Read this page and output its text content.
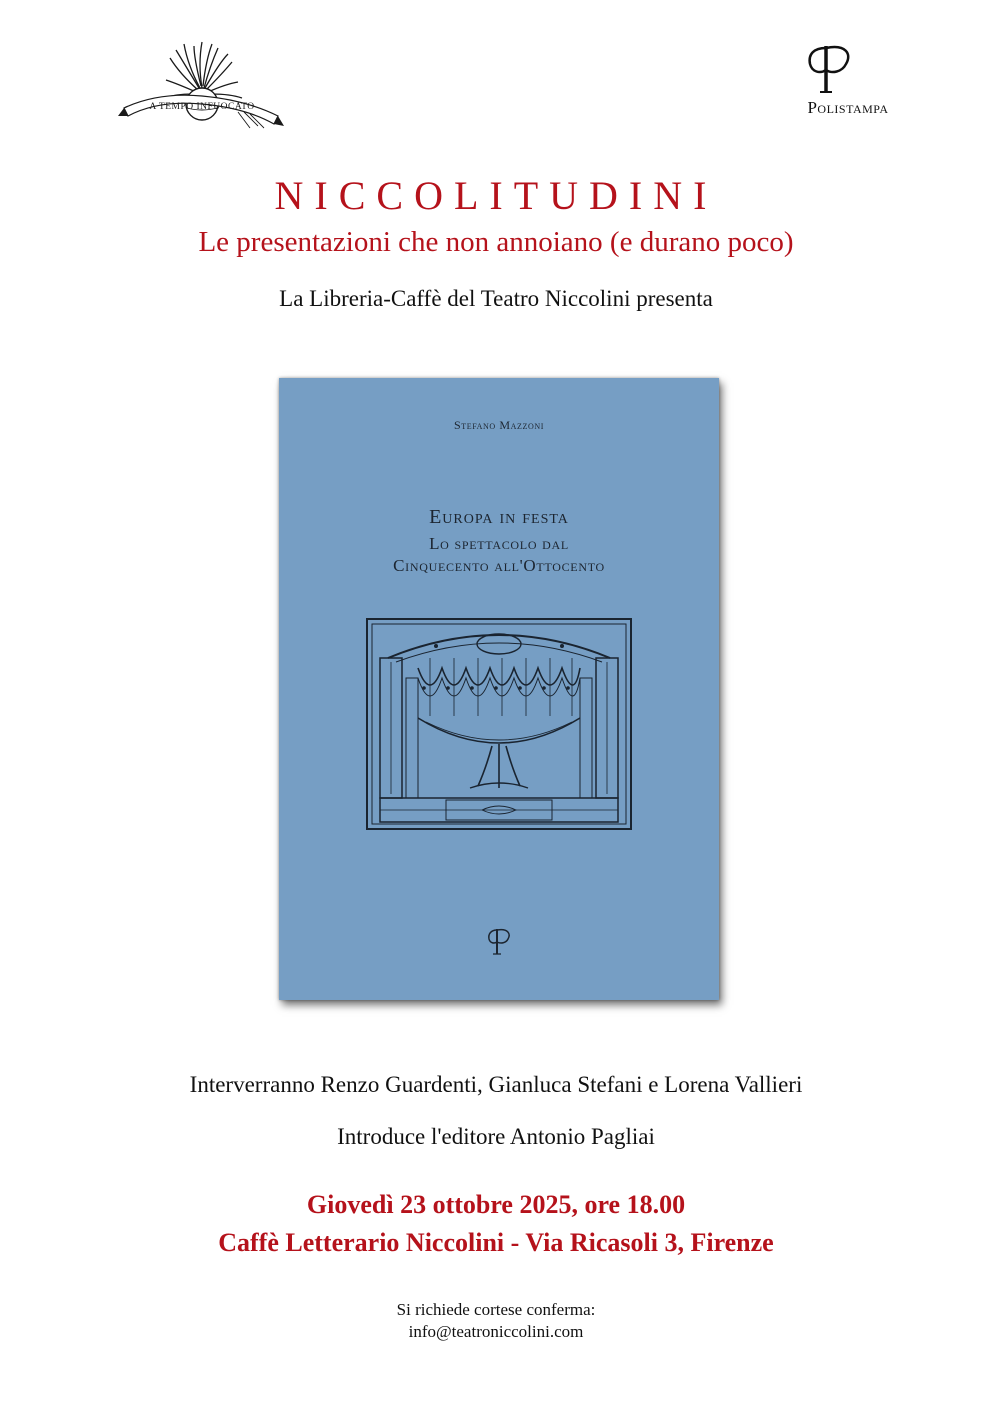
A TEMPO INFUOCATO	Polistampa
NICCOLITUDINI
Le presentazioni che non annoiano (e durano poco)
La Libreria-Caffè del Teatro Niccolini presenta
Stefano Mazzoni
Europa in festa
Lo spettacolo dal
Cinquecento all'Ottocento
Interverranno Renzo Guardenti, Gianluca Stefani e Lorena Vallieri
Introduce l'editore Antonio Pagliai
Giovedì 23 ottobre 2025, ore 18.00
Caffè Letterario Niccolini - Via Ricasoli 3, Firenze
Si richiede cortese conferma:
info@teatroniccolini.com
